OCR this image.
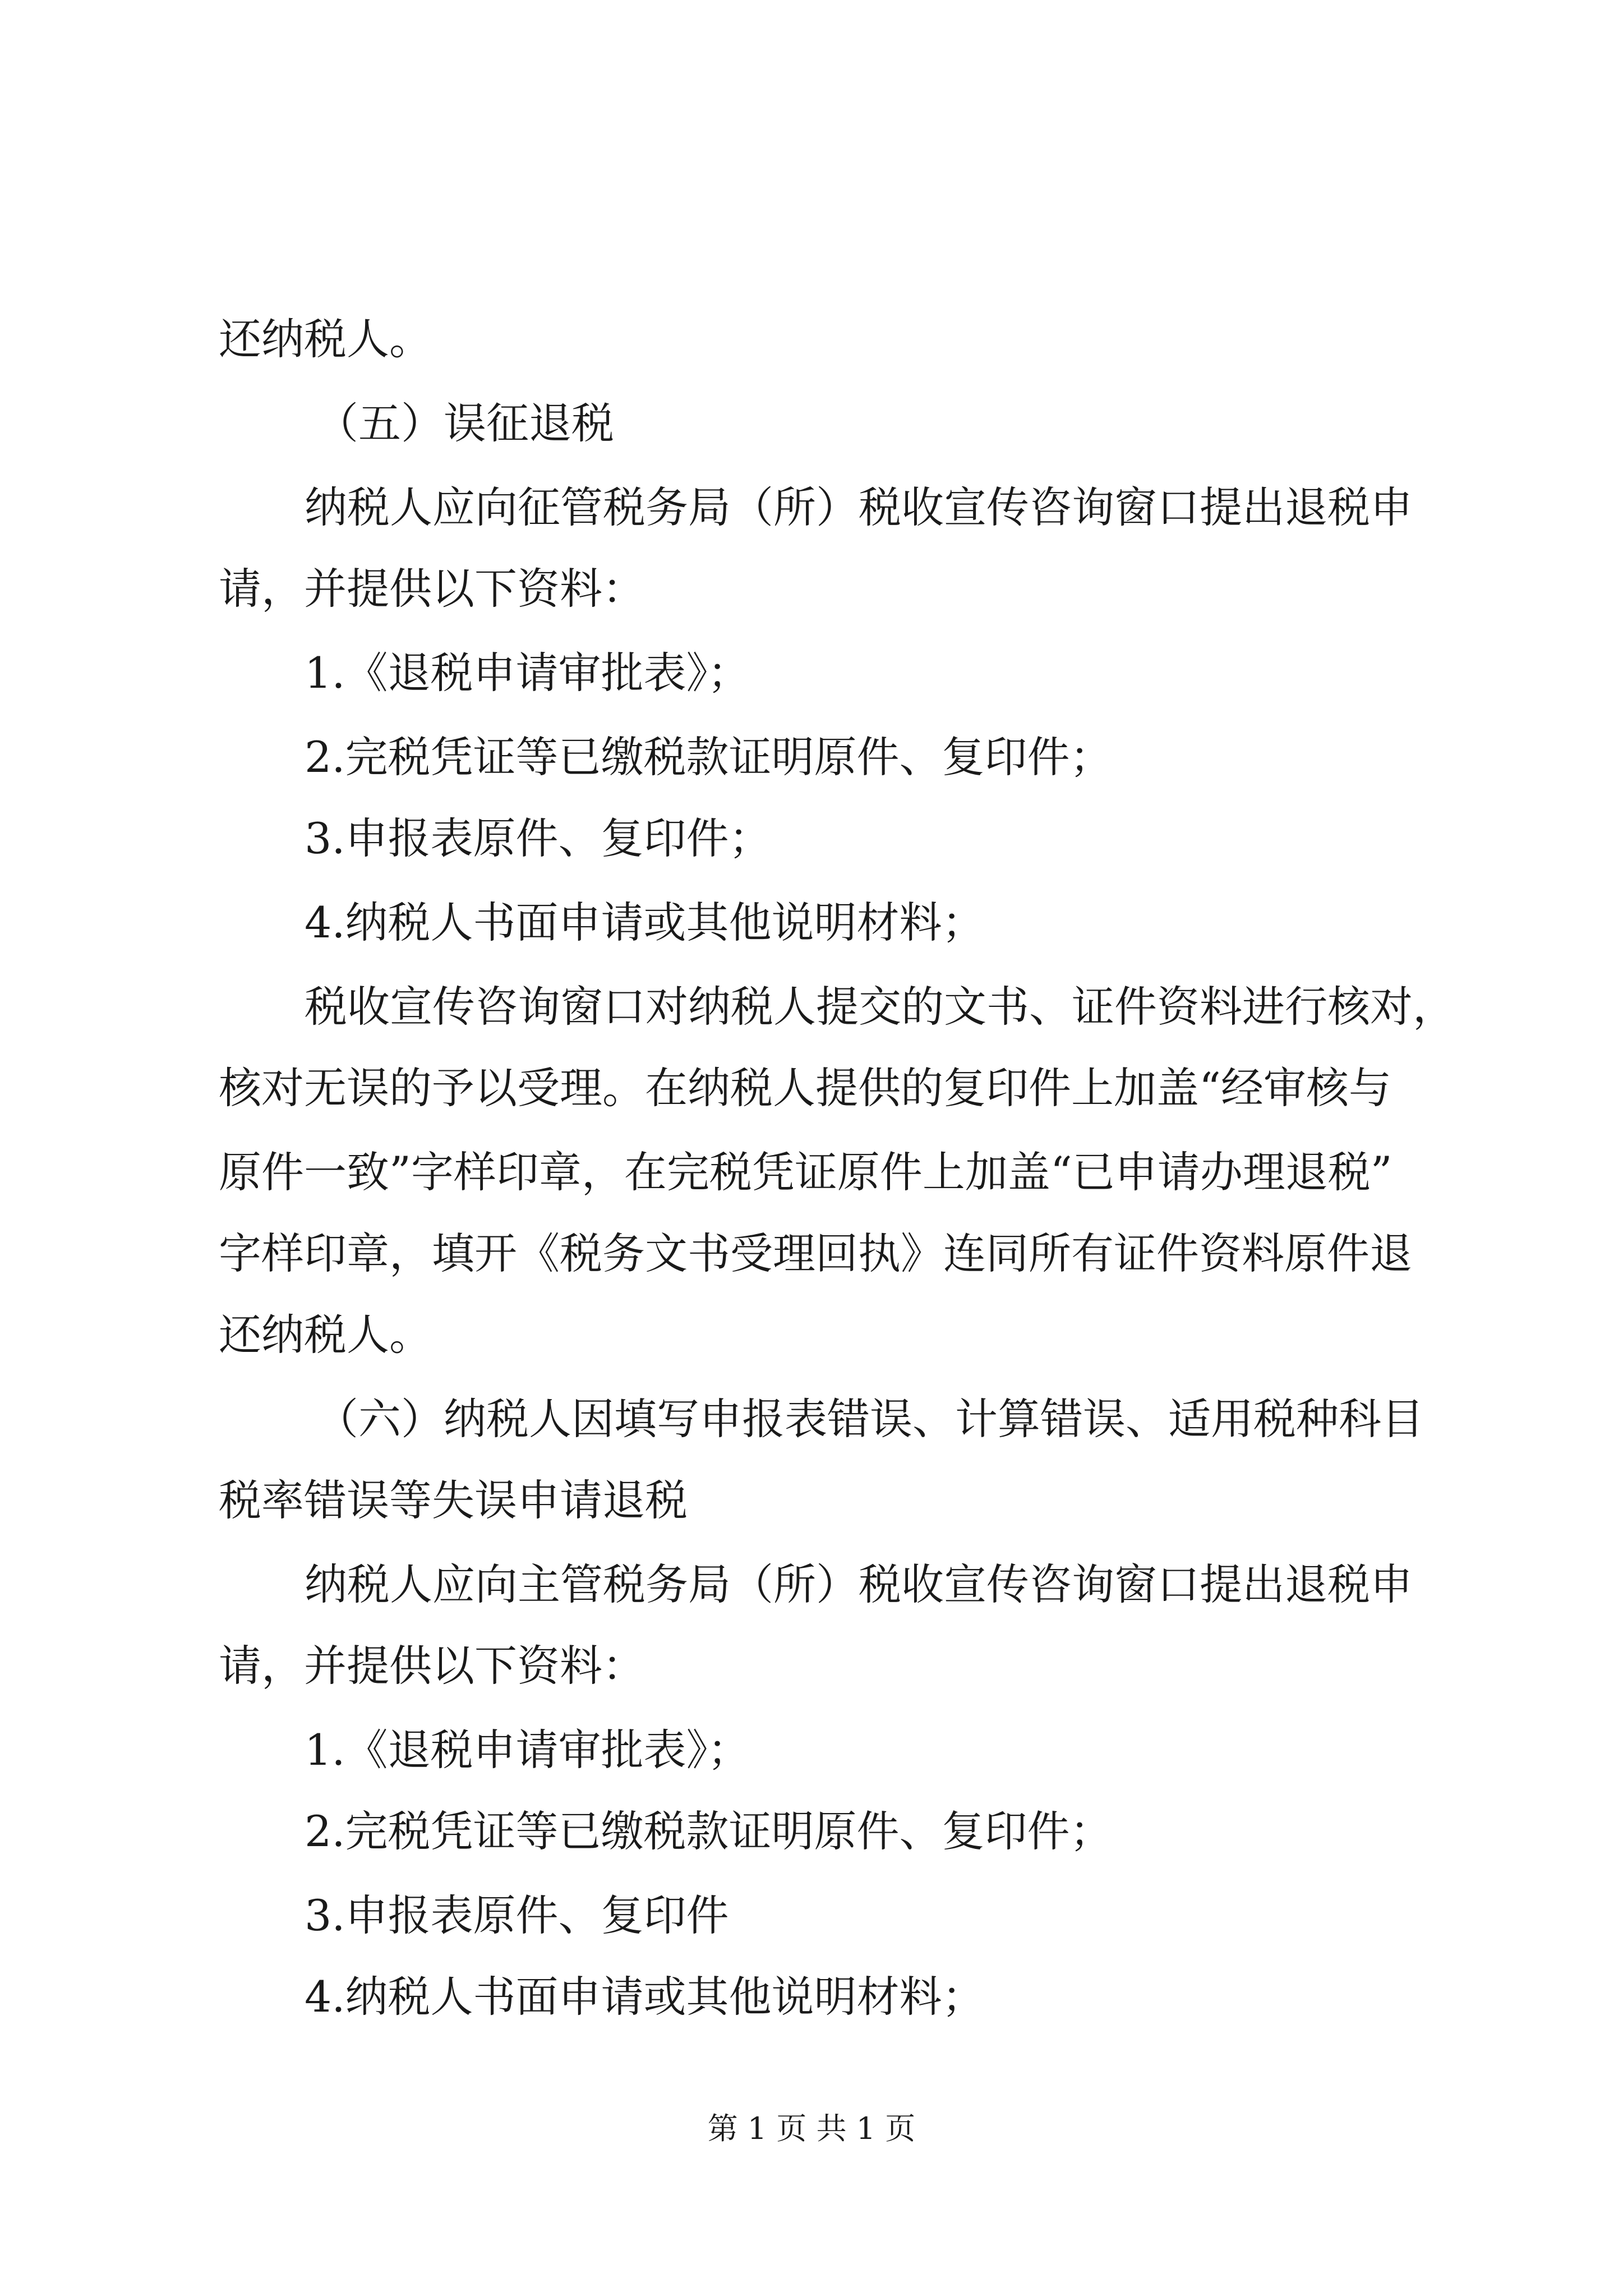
还纳税人。
（五）误征退税
纳税人应向征管税务局（所）税收宣传咨询窗口提出退税申
请，并提供以下资料：
1.《退税申请审批表》；
2.完税凭证等已缴税款证明原件、复印件；
3.申报表原件、复印件；
4.纳税人书面申请或其他说明材料；
税收宣传咨询窗口对纳税人提交的文书、证件资料进行核对，
核对无误的予以受理。在纳税人提供的复印件上加盖“经审核与
原件一致”字样印章，在完税凭证原件上加盖“已申请办理退税”
字样印章，填开《税务文书受理回执》连同所有证件资料原件退
还纳税人。
（六）纳税人因填写申报表错误、计算错误、适用税种科目
税率错误等失误申请退税
纳税人应向主管税务局（所）税收宣传咨询窗口提出退税申
请，并提供以下资料：
1.《退税申请审批表》；
2.完税凭证等已缴税款证明原件、复印件；
3.申报表原件、复印件
4.纳税人书面申请或其他说明材料；
第 1 页 共 1 页
